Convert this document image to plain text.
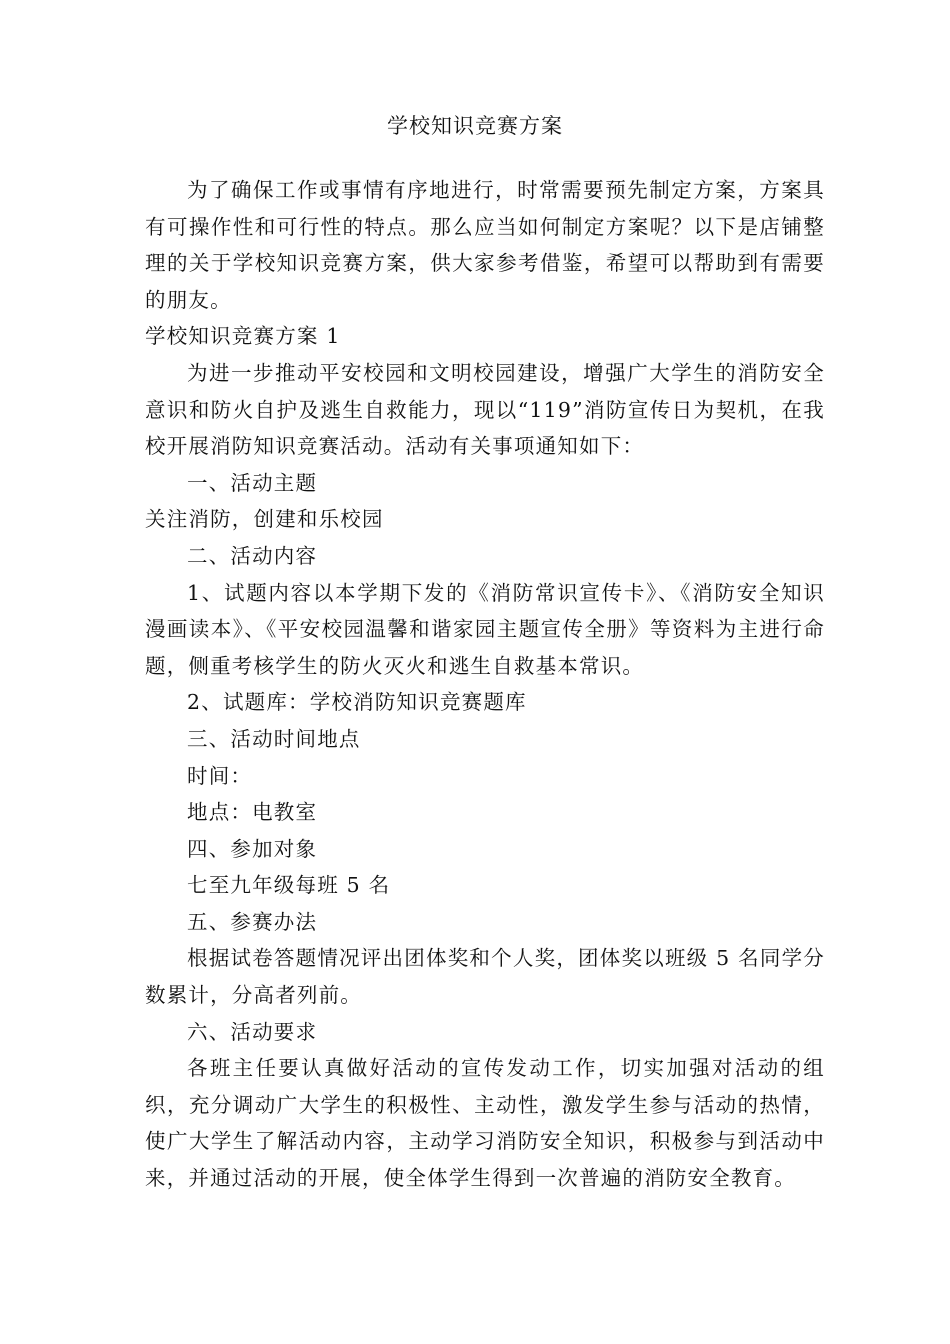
学校知识竞赛方案

为了确保工作或事情有序地进行，时常需要预先制定方案，方案具有可操作性和可行性的特点。那么应当如何制定方案呢？以下是店铺整理的关于学校知识竞赛方案，供大家参考借鉴，希望可以帮助到有需要的朋友。

学校知识竞赛方案 1

为进一步推动平安校园和文明校园建设，增强广大学生的消防安全意识和防火自护及逃生自救能力，现以“119”消防宣传日为契机，在我校开展消防知识竞赛活动。活动有关事项通知如下：

一、活动主题

关注消防，创建和乐校园

二、活动内容

1、试题内容以本学期下发的《消防常识宣传卡》、《消防安全知识漫画读本》、《平安校园温馨和谐家园主题宣传全册》等资料为主进行命题，侧重考核学生的防火灭火和逃生自救基本常识。

2、试题库：学校消防知识竞赛题库

三、活动时间地点

时间：

地点：电教室

四、参加对象

七至九年级每班 5 名

五、参赛办法

根据试卷答题情况评出团体奖和个人奖，团体奖以班级 5 名同学分数累计，分高者列前。

六、活动要求

各班主任要认真做好活动的宣传发动工作，切实加强对活动的组织，充分调动广大学生的积极性、主动性，激发学生参与活动的热情，使广大学生了解活动内容，主动学习消防安全知识，积极参与到活动中来，并通过活动的开展，使全体学生得到一次普遍的消防安全教育。
